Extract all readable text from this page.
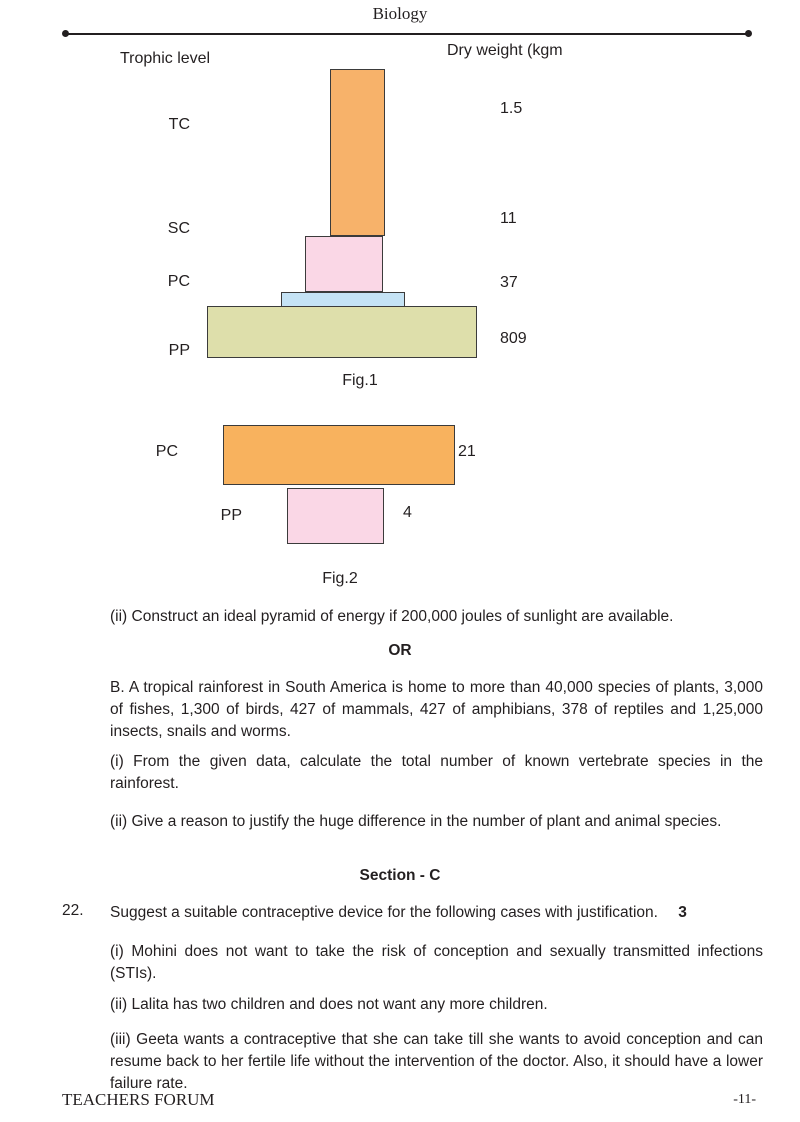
Biology
Trophic level	Dry weight (kgm
TC
1.5
SC
11
PC	37
PP
809
Fig.1
PC	21
PP	4
Fig.2
(ii) Construct an ideal pyramid of energy if 200,000 joules of sunlight are available.
OR
B. A tropical rainforest in South America is home to more than 40,000 species of plants, 3,000 of fishes, 1,300 of birds, 427 of mammals, 427 of amphibians, 378 of reptiles and 1,25,000 insects, snails and worms.
(i) From the given data, calculate the total number of known vertebrate species in the rainforest.
(ii) Give a reason to justify the huge difference in the number of plant and animal species.
Section - C
22. Suggest a suitable contraceptive device for the following cases with justification. 3
(i) Mohini does not want to take the risk of conception and sexually transmitted infections (STIs).
(ii) Lalita has two children and does not want any more children.
(iii) Geeta wants a contraceptive that she can take till she wants to avoid conception and can resume back to her fertile life without the intervention of the doctor. Also, it should have a lower failure rate.
TEACHERS FORUM	-11-
